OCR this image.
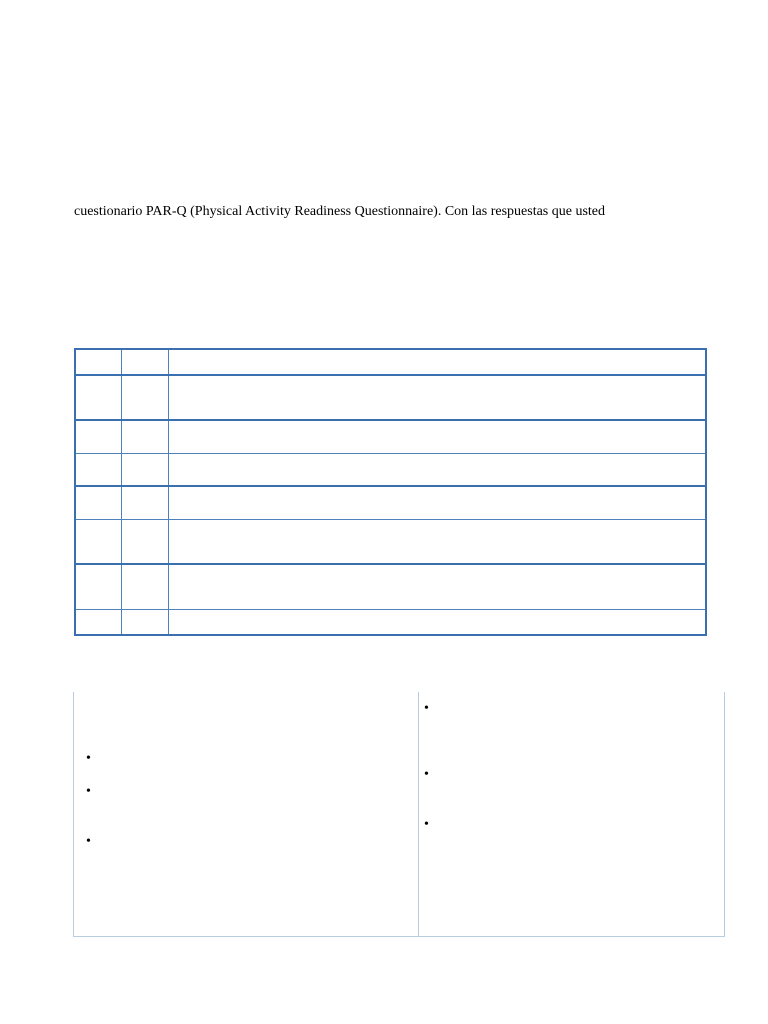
cuestionario PAR-Q (Physical Activity Readiness Questionnaire). Con las respuestas que usted

•
•
•
•
•
•
